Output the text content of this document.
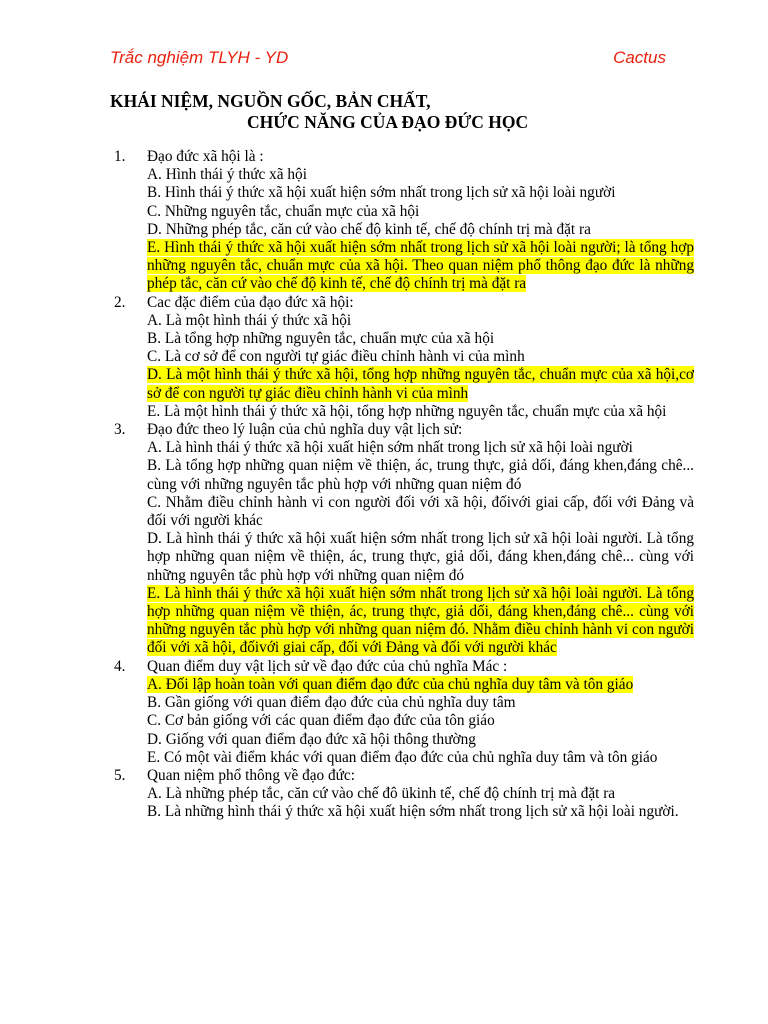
Trắc nghiệm TLYH - YD	Cactus
KHÁI NIỆM, NGUỒN GỐC, BẢN CHẤT,
CHỨC NĂNG CỦA ĐẠO ĐỨC HỌC
1. Đạo đức xã hội là :
A. Hình thái ý thức xã hội
B. Hình thái ý thức xã hội xuất hiện sớm nhất trong lịch sử xã hội loài người
C. Những nguyên tắc, chuẩn mực của xã hội
D. Những phép tắc, căn cứ vào chế độ kinh tế, chế độ chính trị mà đặt ra
E. Hình thái ý thức xã hội xuất hiện sớm nhất trong lịch sử xã hội loài người; là tổng hợp những nguyên tắc, chuẩn mực của xã hội. Theo quan niệm phổ thông đạo đức là những phép tắc, căn cứ vào chế độ kinh tế, chế độ chính trị mà đặt ra
2. Cac đặc điểm của đạo đức xã hội:
A. Là một hình thái ý thức xã hội
B. Là tổng hợp những nguyên tắc, chuẩn mực của xã hội
C. Là cơ sở để con người tự giác điều chỉnh hành vi của mình
D. Là một hình thái ý thức xã hội, tổng hợp những nguyên tắc, chuẩn mực của xã hội,cơ sở để con người tự giác điều chỉnh hành vi của mình
E. Là một hình thái ý thức xã hội, tổng hợp những nguyên tắc, chuẩn mực của xã hội
3. Đạo đức theo lý luận của chủ nghĩa duy vật lịch sử:
A. Là hình thái ý thức xã hội xuất hiện sớm nhất trong lịch sử xã hội loài người
B. Là tổng hợp những quan niệm về thiện, ác, trung thực, giả dối, đáng khen,đáng chê... cùng với những nguyên tắc phù hợp với những quan niệm đó
C. Nhằm điều chỉnh hành vi con người đối với xã hội, đốivới giai cấp, đối với Đảng và đối với người khác
D. Là hình thái ý thức xã hội xuất hiện sớm nhất trong lịch sử xã hội loài người. Là tổng hợp những quan niệm về thiện, ác, trung thực, giả dối, đáng khen,đáng chê... cùng với những nguyên tắc phù hợp với những quan niệm đó
E. Là hình thái ý thức xã hội xuất hiện sớm nhất trong lịch sử xã hội loài người. Là tổng hợp những quan niệm về thiện, ác, trung thực, giả dối, đáng khen,đáng chê... cùng với những nguyên tắc phù hợp với những quan niệm đó. Nhằm điều chỉnh hành vi con người đối với xã hội, đốivới giai cấp, đối với Đảng và đối với người khác
4. Quan điểm duy vật lịch sử về đạo đức của chủ nghĩa Mác :
A. Đối lập hoàn toàn với quan điểm đạo đức của chủ nghĩa duy tâm và tôn giáo
B. Gần giống với quan điểm đạo đức của chủ nghĩa duy tâm
C. Cơ bản giống với các quan điểm đạo đức của tôn giáo
D. Giống với quan điểm đạo đức xã hội thông thường
E. Có một vài điểm khác với quan điểm đạo đức của chủ nghĩa duy tâm và tôn giáo
5. Quan niệm phổ thông về đạo đức:
A. Là những phép tắc, căn cứ vào chế đô ükinh tế, chế độ chính trị mà đặt ra
B. Là những hình thái ý thức xã hội xuất hiện sớm nhất trong lịch sử xã hội loài người.
